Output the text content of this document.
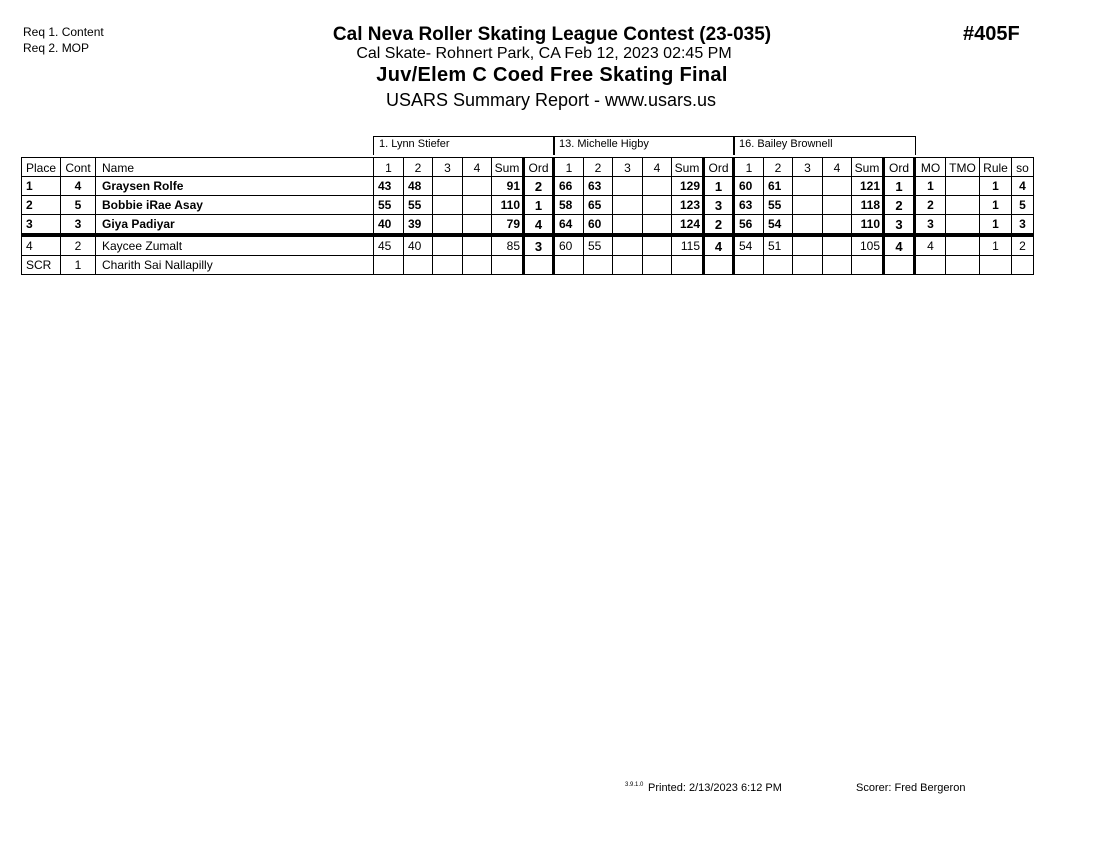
Req 1. Content
Req 2. MOP
#405F
Cal Neva Roller Skating League Contest (23-035)
Cal Skate- Rohnert Park, CA Feb 12, 2023 02:45 PM
Juv/Elem C Coed Free Skating Final
USARS Summary Report - www.usars.us
1. Lynn Stiefer	13. Michelle Higby	16. Bailey Brownell
Place	Cont	Name	1	2	3	4	Sum	Ord	1	2	3	4	Sum	Ord	1	2	3	4	Sum	Ord	MO	TMO	Rule	so
1	4	Graysen Rolfe	43	48			91	2	66	63			129	1	60	61			121	1	1		1	4
2	5	Bobbie iRae Asay	55	55			110	1	58	65			123	3	63	55			118	2	2		1	5
3	3	Giya Padiyar	40	39			79	4	64	60			124	2	56	54			110	3	3		1	3
4	2	Kaycee Zumalt	45	40			85	3	60	55			115	4	54	51			105	4	4		1	2
SCR	1	Charith Sai Nallapilly																						
3.9.1.0 Printed: 2/13/2023 6:12 PM	Scorer: Fred Bergeron
